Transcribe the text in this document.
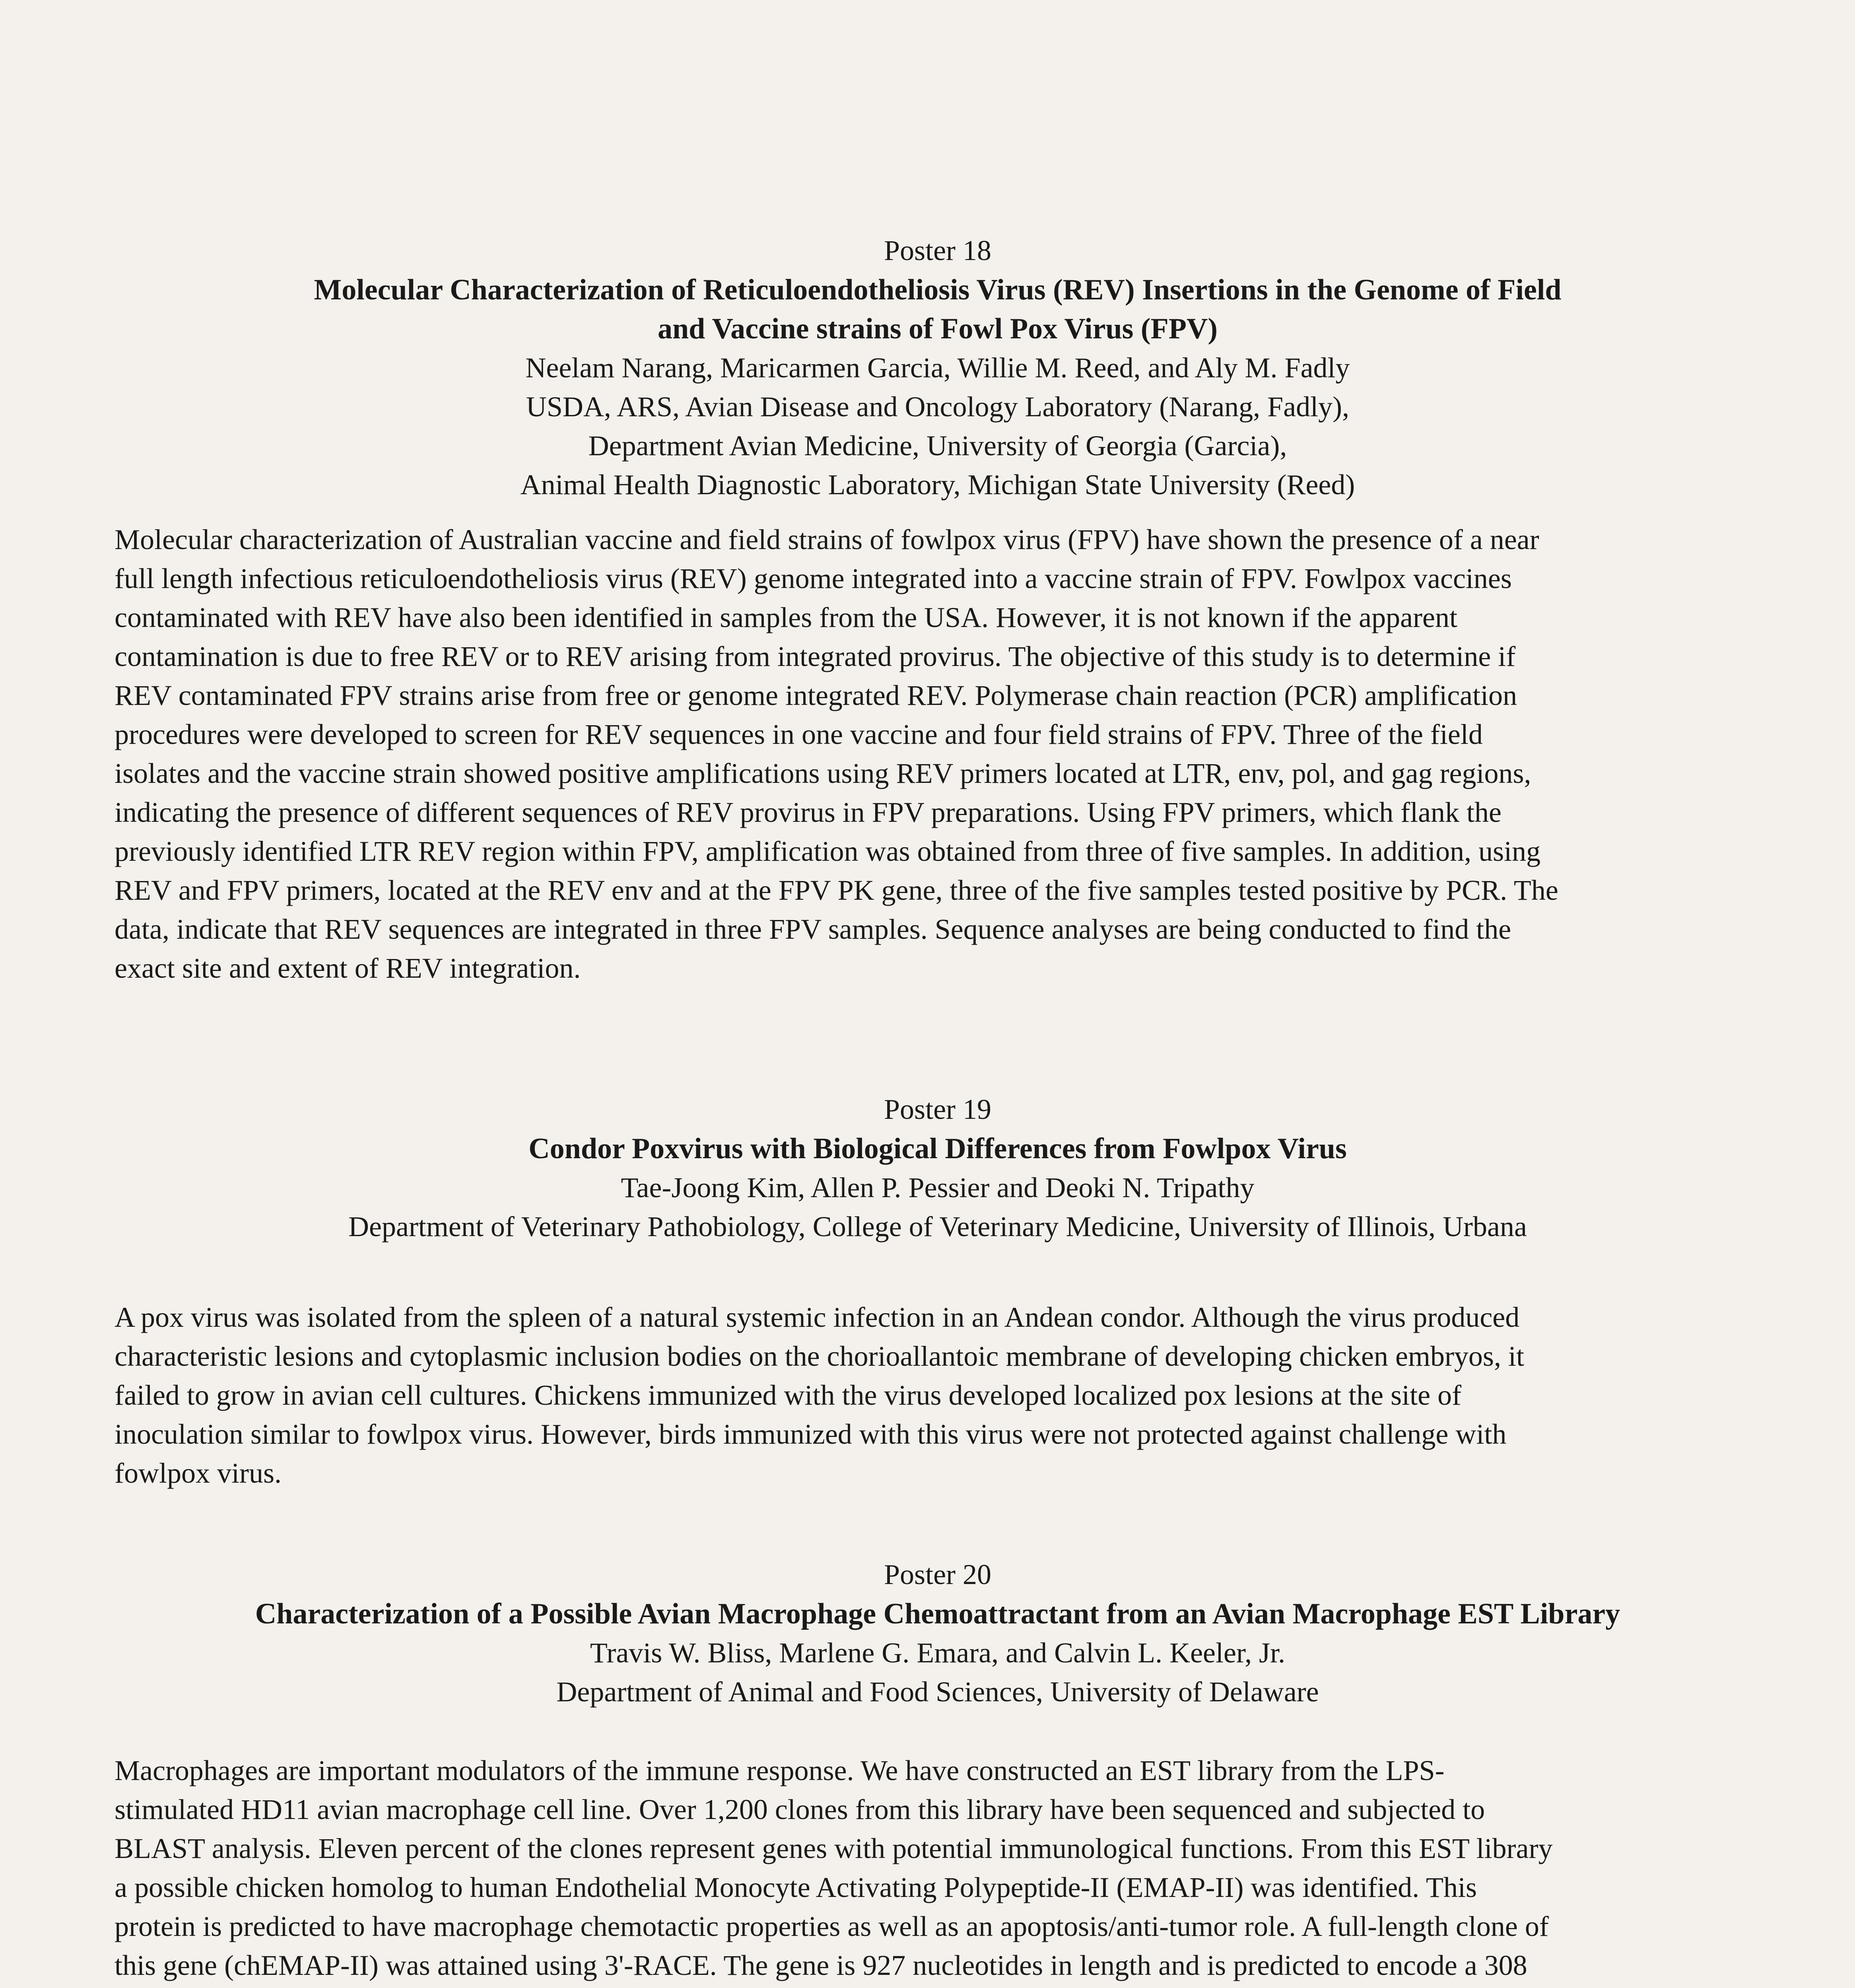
Poster 18
Molecular Characterization of Reticuloendotheliosis Virus (REV) Insertions in the Genome of Field
and Vaccine strains of Fowl Pox Virus (FPV)
Neelam Narang, Maricarmen Garcia, Willie M. Reed, and Aly M. Fadly
USDA, ARS, Avian Disease and Oncology Laboratory (Narang, Fadly),
Department Avian Medicine, University of Georgia (Garcia),
Animal Health Diagnostic Laboratory, Michigan State University (Reed)
Molecular characterization of Australian vaccine and field strains of fowlpox virus (FPV) have shown the presence of a near
full length infectious reticuloendotheliosis virus (REV) genome integrated into a vaccine strain of FPV. Fowlpox vaccines
contaminated with REV have also been identified in samples from the USA. However, it is not known if the apparent
contamination is due to free REV or to REV arising from integrated provirus. The objective of this study is to determine if
REV contaminated FPV strains arise from free or genome integrated REV. Polymerase chain reaction (PCR) amplification
procedures were developed to screen for REV sequences in one vaccine and four field strains of FPV. Three of the field
isolates and the vaccine strain showed positive amplifications using REV primers located at LTR, env, pol, and gag regions,
indicating the presence of different sequences of REV provirus in FPV preparations. Using FPV primers, which flank the
previously identified LTR REV region within FPV, amplification was obtained from three of five samples. In addition, using
REV and FPV primers, located at the REV env and at the FPV PK gene, three of the five samples tested positive by PCR. The
data, indicate that REV sequences are integrated in three FPV samples. Sequence analyses are being conducted to find the
exact site and extent of REV integration.
Poster 19
Condor Poxvirus with Biological Differences from Fowlpox Virus
Tae-Joong Kim, Allen P. Pessier and Deoki N. Tripathy
Department of Veterinary Pathobiology, College of Veterinary Medicine, University of Illinois, Urbana
A pox virus was isolated from the spleen of a natural systemic infection in an Andean condor. Although the virus produced
characteristic lesions and cytoplasmic inclusion bodies on the chorioallantoic membrane of developing chicken embryos, it
failed to grow in avian cell cultures. Chickens immunized with the virus developed localized pox lesions at the site of
inoculation similar to fowlpox virus. However, birds immunized with this virus were not protected against challenge with
fowlpox virus.
Poster 20
Characterization of a Possible Avian Macrophage Chemoattractant from an Avian Macrophage EST Library
Travis W. Bliss, Marlene G. Emara, and Calvin L. Keeler, Jr.
Department of Animal and Food Sciences, University of Delaware
Macrophages are important modulators of the immune response. We have constructed an EST library from the LPS-
stimulated HD11 avian macrophage cell line. Over 1,200 clones from this library have been sequenced and subjected to
BLAST analysis. Eleven percent of the clones represent genes with potential immunological functions. From this EST library
a possible chicken homolog to human Endothelial Monocyte Activating Polypeptide-II (EMAP-II) was identified. This
protein is predicted to have macrophage chemotactic properties as well as an apoptosis/anti-tumor role. A full-length clone of
this gene (chEMAP-II) was attained using 3'-RACE. The gene is 927 nucleotides in length and is predicted to encode a 308
